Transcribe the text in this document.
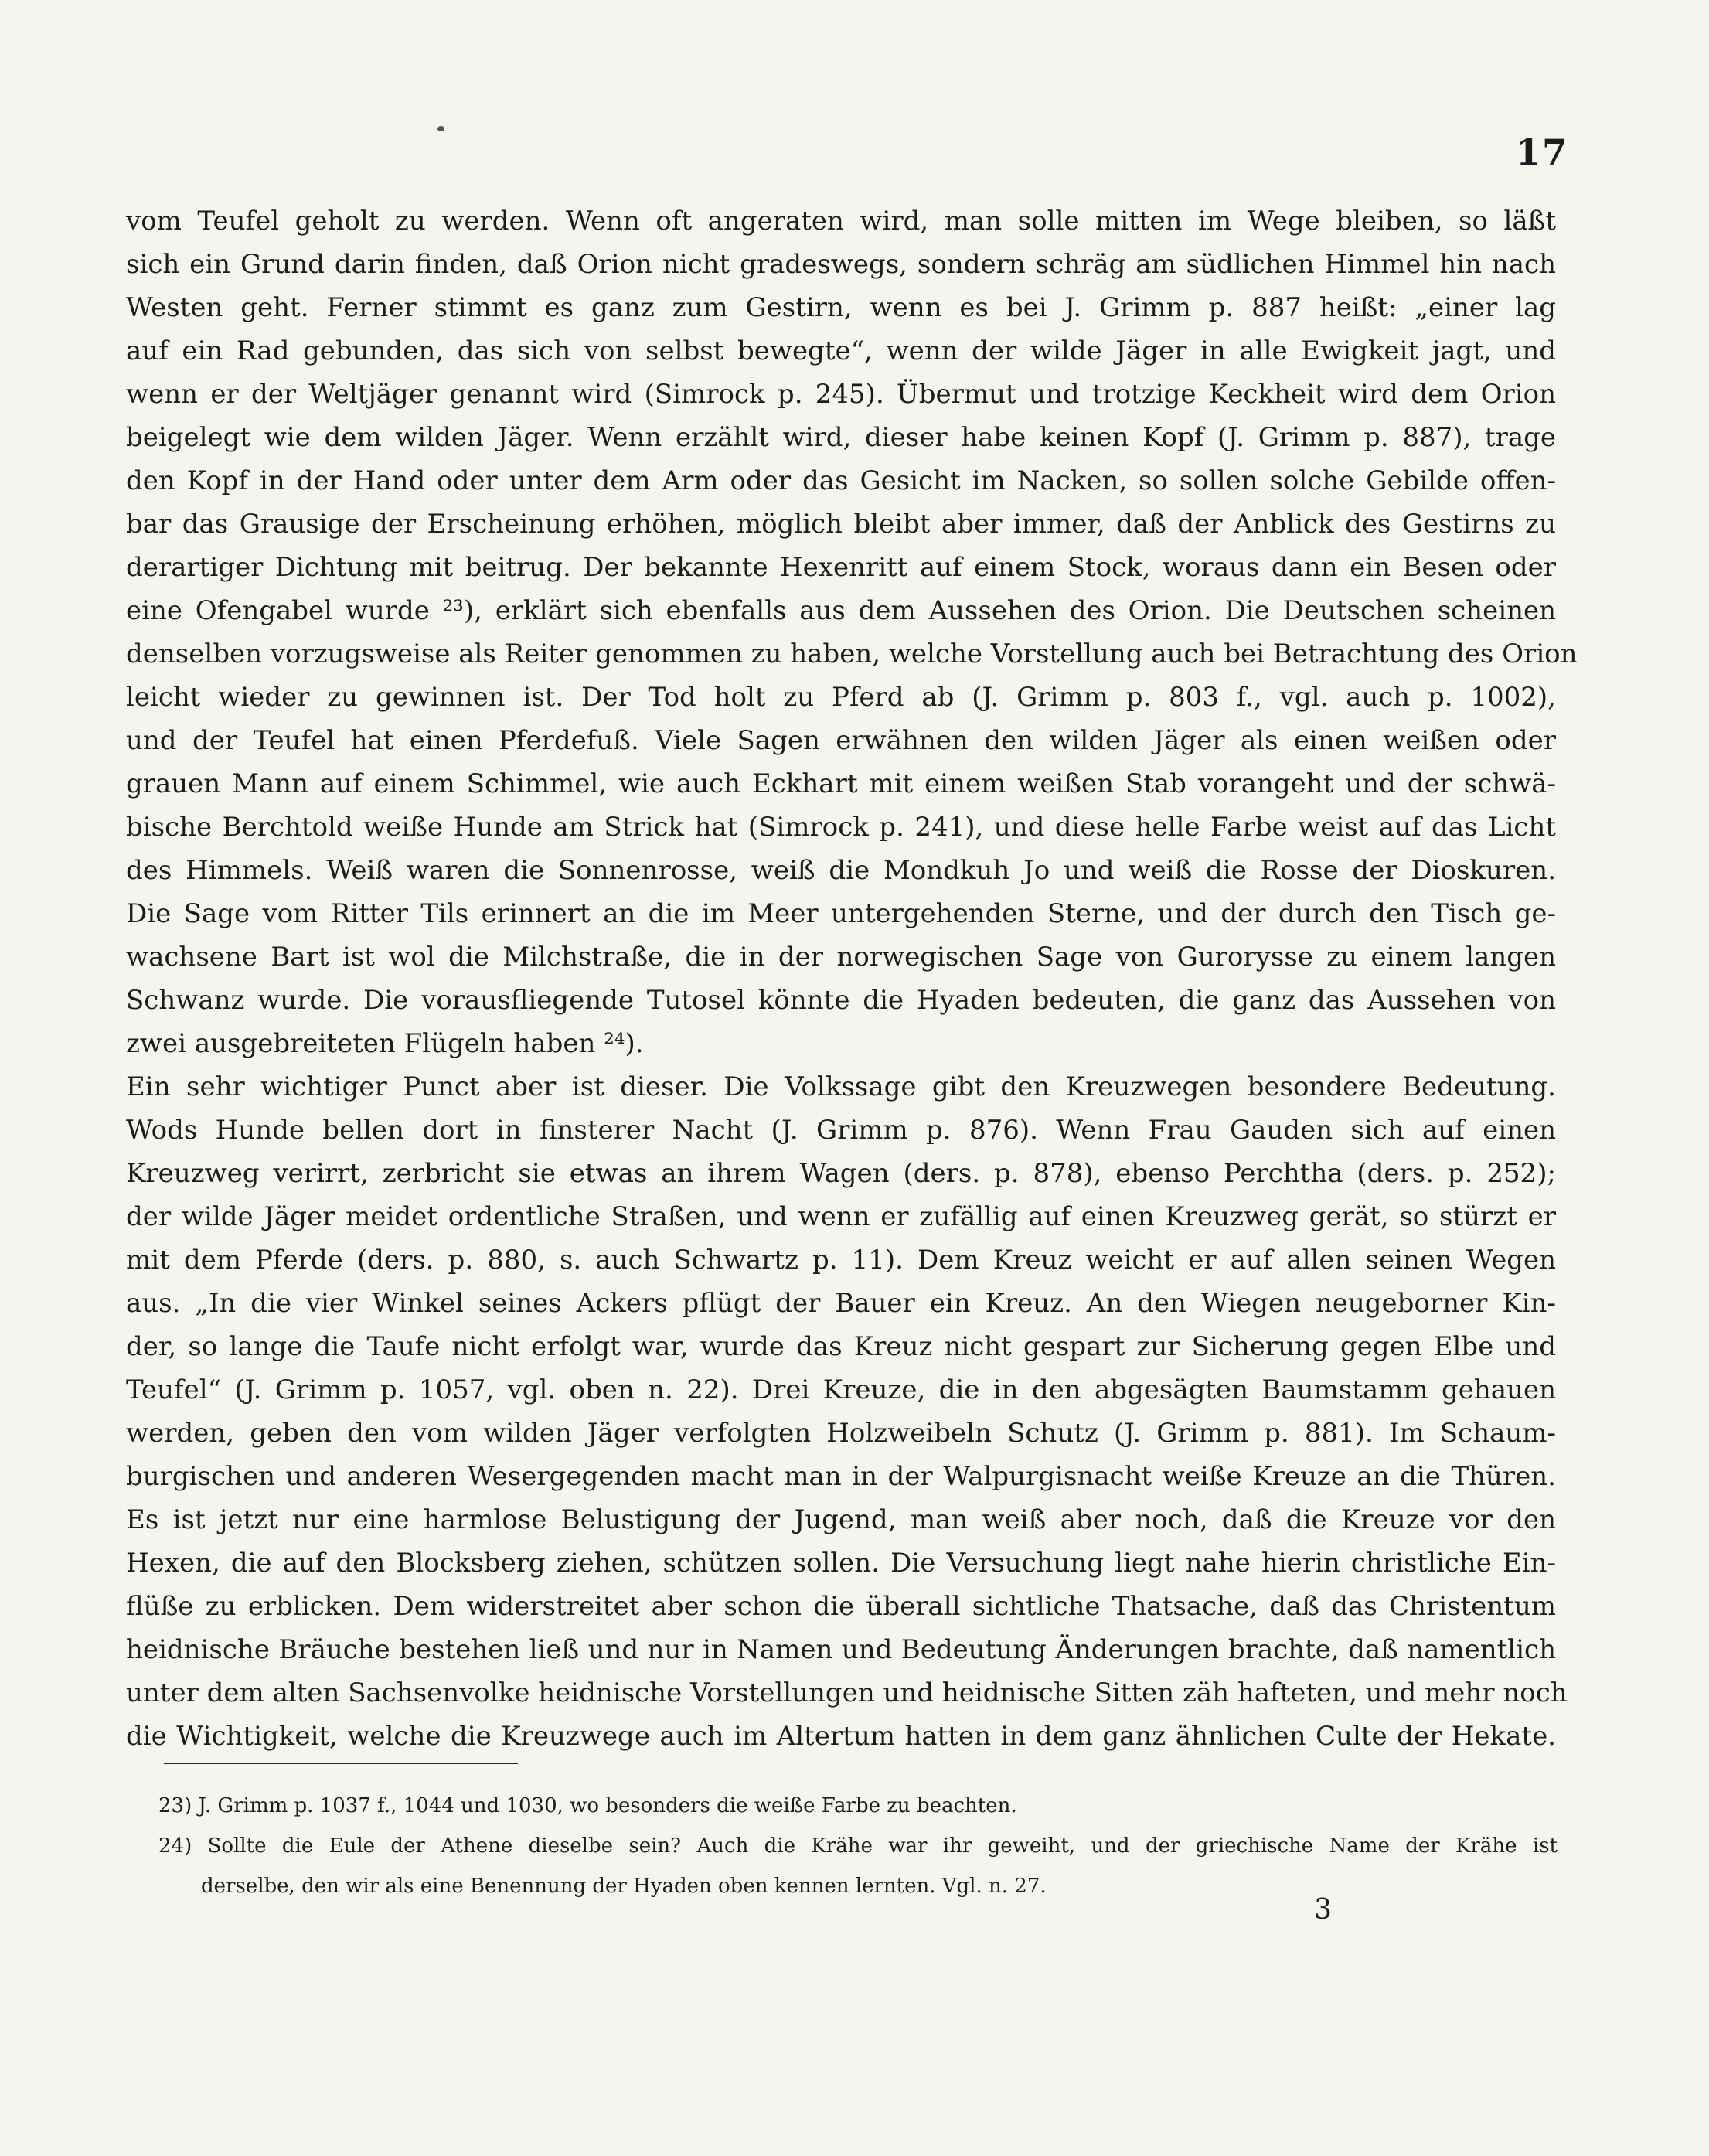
17
vom Teufel geholt zu werden. Wenn oft angeraten wird, man solle mitten im Wege bleiben, so läßt
sich ein Grund darin finden, daß Orion nicht gradeswegs, sondern schräg am südlichen Himmel hin nach
Westen geht. Ferner stimmt es ganz zum Gestirn, wenn es bei J. Grimm p. 887 heißt: „einer lag
auf ein Rad gebunden, das sich von selbst bewegte“, wenn der wilde Jäger in alle Ewigkeit jagt, und
wenn er der Weltjäger genannt wird (Simrock p. 245). Übermut und trotzige Keckheit wird dem Orion
beigelegt wie dem wilden Jäger. Wenn erzählt wird, dieser habe keinen Kopf (J. Grimm p. 887), trage
den Kopf in der Hand oder unter dem Arm oder das Gesicht im Nacken, so sollen solche Gebilde offen-
bar das Grausige der Erscheinung erhöhen, möglich bleibt aber immer, daß der Anblick des Gestirns zu
derartiger Dichtung mit beitrug. Der bekannte Hexenritt auf einem Stock, woraus dann ein Besen oder
eine Ofengabel wurde ²³), erklärt sich ebenfalls aus dem Aussehen des Orion. Die Deutschen scheinen
denselben vorzugsweise als Reiter genommen zu haben, welche Vorstellung auch bei Betrachtung des Orion
leicht wieder zu gewinnen ist. Der Tod holt zu Pferd ab (J. Grimm p. 803 f., vgl. auch p. 1002),
und der Teufel hat einen Pferdefuß. Viele Sagen erwähnen den wilden Jäger als einen weißen oder
grauen Mann auf einem Schimmel, wie auch Eckhart mit einem weißen Stab vorangeht und der schwä-
bische Berchtold weiße Hunde am Strick hat (Simrock p. 241), und diese helle Farbe weist auf das Licht
des Himmels. Weiß waren die Sonnenrosse, weiß die Mondkuh Jo und weiß die Rosse der Dioskuren.
Die Sage vom Ritter Tils erinnert an die im Meer untergehenden Sterne, und der durch den Tisch ge-
wachsene Bart ist wol die Milchstraße, die in der norwegischen Sage von Gurorysse zu einem langen
Schwanz wurde. Die vorausfliegende Tutosel könnte die Hyaden bedeuten, die ganz das Aussehen von
zwei ausgebreiteten Flügeln haben ²⁴).
Ein sehr wichtiger Punct aber ist dieser. Die Volkssage gibt den Kreuzwegen besondere Bedeutung.
Wods Hunde bellen dort in finsterer Nacht (J. Grimm p. 876). Wenn Frau Gauden sich auf einen
Kreuzweg verirrt, zerbricht sie etwas an ihrem Wagen (ders. p. 878), ebenso Perchtha (ders. p. 252);
der wilde Jäger meidet ordentliche Straßen, und wenn er zufällig auf einen Kreuzweg gerät, so stürzt er
mit dem Pferde (ders. p. 880, s. auch Schwartz p. 11). Dem Kreuz weicht er auf allen seinen Wegen
aus. „In die vier Winkel seines Ackers pflügt der Bauer ein Kreuz. An den Wiegen neugeborner Kin-
der, so lange die Taufe nicht erfolgt war, wurde das Kreuz nicht gespart zur Sicherung gegen Elbe und
Teufel“ (J. Grimm p. 1057, vgl. oben n. 22). Drei Kreuze, die in den abgesägten Baumstamm gehauen
werden, geben den vom wilden Jäger verfolgten Holzweibeln Schutz (J. Grimm p. 881). Im Schaum-
burgischen und anderen Wesergegenden macht man in der Walpurgisnacht weiße Kreuze an die Thüren.
Es ist jetzt nur eine harmlose Belustigung der Jugend, man weiß aber noch, daß die Kreuze vor den
Hexen, die auf den Blocksberg ziehen, schützen sollen. Die Versuchung liegt nahe hierin christliche Ein-
flüße zu erblicken. Dem widerstreitet aber schon die überall sichtliche Thatsache, daß das Christentum
heidnische Bräuche bestehen ließ und nur in Namen und Bedeutung Änderungen brachte, daß namentlich
unter dem alten Sachsenvolke heidnische Vorstellungen und heidnische Sitten zäh hafteten, und mehr noch
die Wichtigkeit, welche die Kreuzwege auch im Altertum hatten in dem ganz ähnlichen Culte der Hekate.
23) J. Grimm p. 1037 f., 1044 und 1030, wo besonders die weiße Farbe zu beachten.
24) Sollte die Eule der Athene dieselbe sein? Auch die Krähe war ihr geweiht, und der griechische Name der Krähe ist
derselbe, den wir als eine Benennung der Hyaden oben kennen lernten. Vgl. n. 27.
3
